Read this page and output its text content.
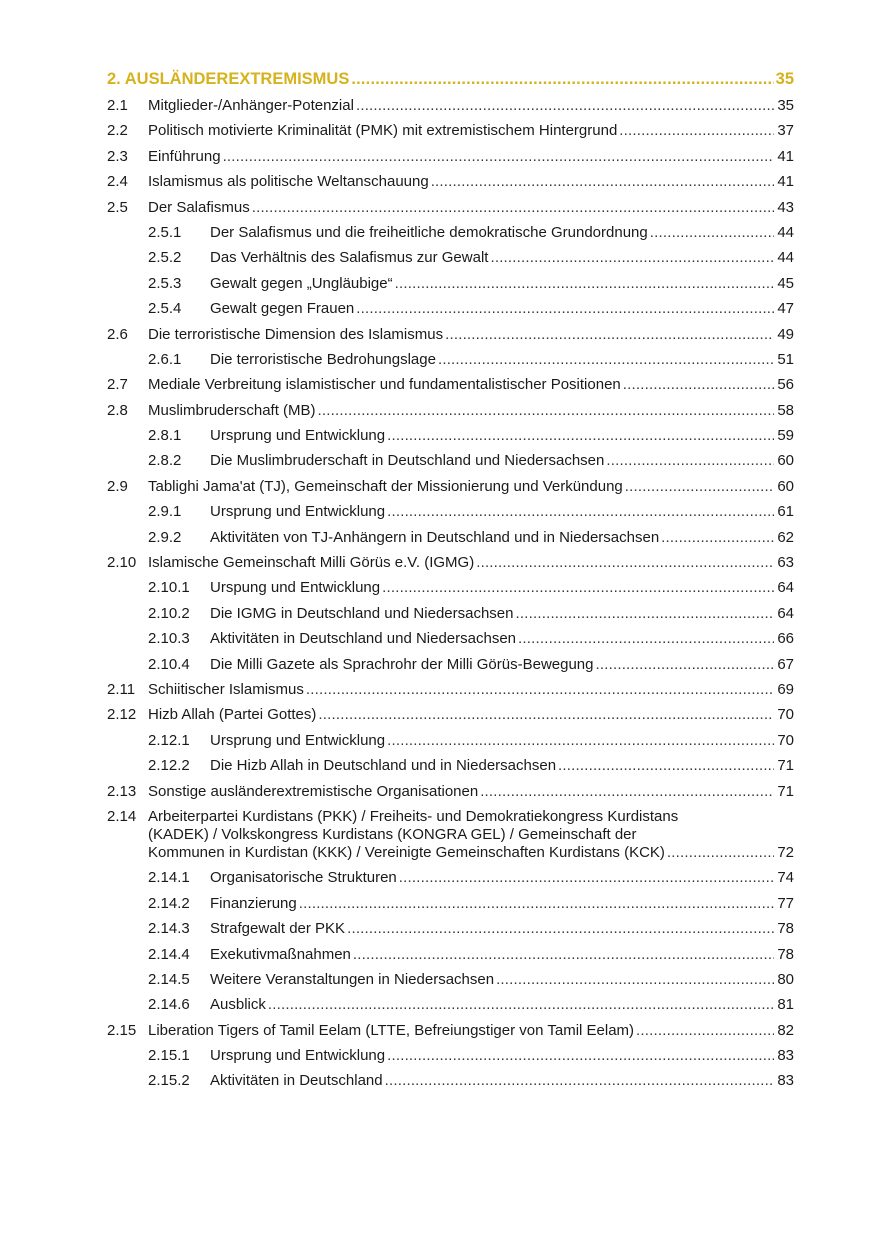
2. AUSLÄNDEREXTREMISMUS .....	35
2.1	Mitglieder-/Anhänger-Potenzial .....	35
2.2	Politisch motivierte Kriminalität (PMK) mit extremistischem Hintergrund .....	37
2.3	Einführung .....	41
2.4	Islamismus als politische Weltanschauung .....	41
2.5	Der Salafismus .....	43
2.5.1	Der Salafismus und die freiheitliche demokratische Grundordnung .....	44
2.5.2	Das Verhältnis des Salafismus zur Gewalt .....	44
2.5.3	Gewalt gegen „Ungläubige“ .....	45
2.5.4	Gewalt gegen Frauen .....	47
2.6	Die terroristische Dimension des Islamismus .....	49
2.6.1	Die terroristische Bedrohungslage .....	51
2.7	Mediale Verbreitung islamistischer und fundamentalistischer Positionen .....	56
2.8	Muslimbruderschaft (MB) .....	58
2.8.1	Ursprung und Entwicklung .....	59
2.8.2	Die Muslimbruderschaft in Deutschland und Niedersachsen .....	60
2.9	Tablighi Jama'at (TJ), Gemeinschaft der Missionierung und Verkündung .....	60
2.9.1	Ursprung und Entwicklung .....	61
2.9.2	Aktivitäten von TJ-Anhängern in Deutschland und in Niedersachsen .....	62
2.10 Islamische Gemeinschaft Milli Görüs e.V. (IGMG) .....	63
2.10.1	Urspung und Entwicklung .....	64
2.10.2	Die IGMG in Deutschland und Niedersachsen .....	64
2.10.3	Aktivitäten in Deutschland und Niedersachsen .....	66
2.10.4	Die Milli Gazete als Sprachrohr der Milli Görüs-Bewegung .....	67
2.11 Schiitischer Islamismus .....	69
2.12 Hizb Allah (Partei Gottes) .....	70
2.12.1	Ursprung und Entwicklung .....	70
2.12.2	Die Hizb Allah in Deutschland und in Niedersachsen .....	71
2.13 Sonstige ausländerextremistische Organisationen .....	71
2.14 Arbeiterpartei Kurdistans (PKK) / Freiheits- und Demokratiekongress Kurdistans
(KADEK) / Volkskongress Kurdistans (KONGRA GEL) / Gemeinschaft der
Kommunen in Kurdistan (KKK) / Vereinigte Gemeinschaften Kurdistans (KCK) .....	72
2.14.1	Organisatorische Strukturen .....	74
2.14.2	Finanzierung .....	77
2.14.3	Strafgewalt der PKK .....	78
2.14.4	Exekutivmaßnahmen .....	78
2.14.5	Weitere Veranstaltungen in Niedersachsen .....	80
2.14.6	Ausblick .....	81
2.15 Liberation Tigers of Tamil Eelam (LTTE, Befreiungstiger von Tamil Eelam) .....	82
2.15.1	Ursprung und Entwicklung .....	83
2.15.2	Aktivitäten in Deutschland .....	83
